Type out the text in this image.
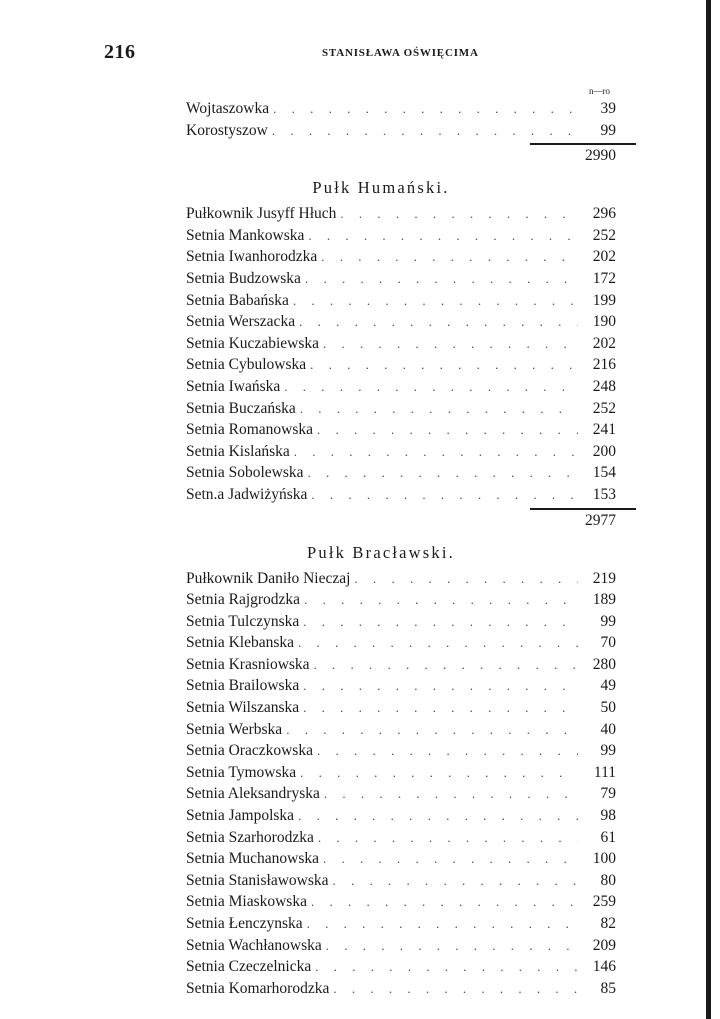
216	STANISŁAWA OŚWIĘCIMA
n—ro
Wojtaszowka . . .	39
Korostyszow . . .	99
2990
Pułk Humański.
Pułkownik Jusyff Hłuch . . .	296
Setnia Mankowska . . .	252
Setnia Iwanhorodzka . . .	202
Setnia Budzowska . . .	172
Setnia Babańska . . .	199
Setnia Werszacka . . .	190
Setnia Kuczabiewska . . .	202
Setnia Cybulowska . . .	216
Setnia Iwańska . . .	248
Setnia Buczańska . . .	252
Setnia Romanowska . . .	241
Setnia Kislańska . . .	200
Setnia Sobolewska . . .	154
Setn.a Jadwiżyńska . . .	153
2977
Pułk Bracławski.
Pułkownik Daniło Nieczaj . . .	219
Setnia Rajgrodzka . . .	189
Setnia Tulczynska . . .	99
Setnia Klebanska . . .	70
Setnia Krasniowska . . .	280
Setnia Brailowska . . .	49
Setnia Wilszanska . . .	50
Setnia Werbska . . .	40
Setnia Oraczkowska . . .	99
Setnia Tymowska . . .	111
Setnia Aleksandryska . . .	79
Setnia Jampolska . . .	98
Setnia Szarhorodzka . . .	61
Setnia Muchanowska . . .	100
Setnia Stanisławowska . . .	80
Setnia Miaskowska . . .	259
Setnia Łenczynska . . .	82
Setnia Wachłanowska . . .	209
Setnia Czeczelnicka . . .	146
Setnia Komarhorodzka . . .	85
